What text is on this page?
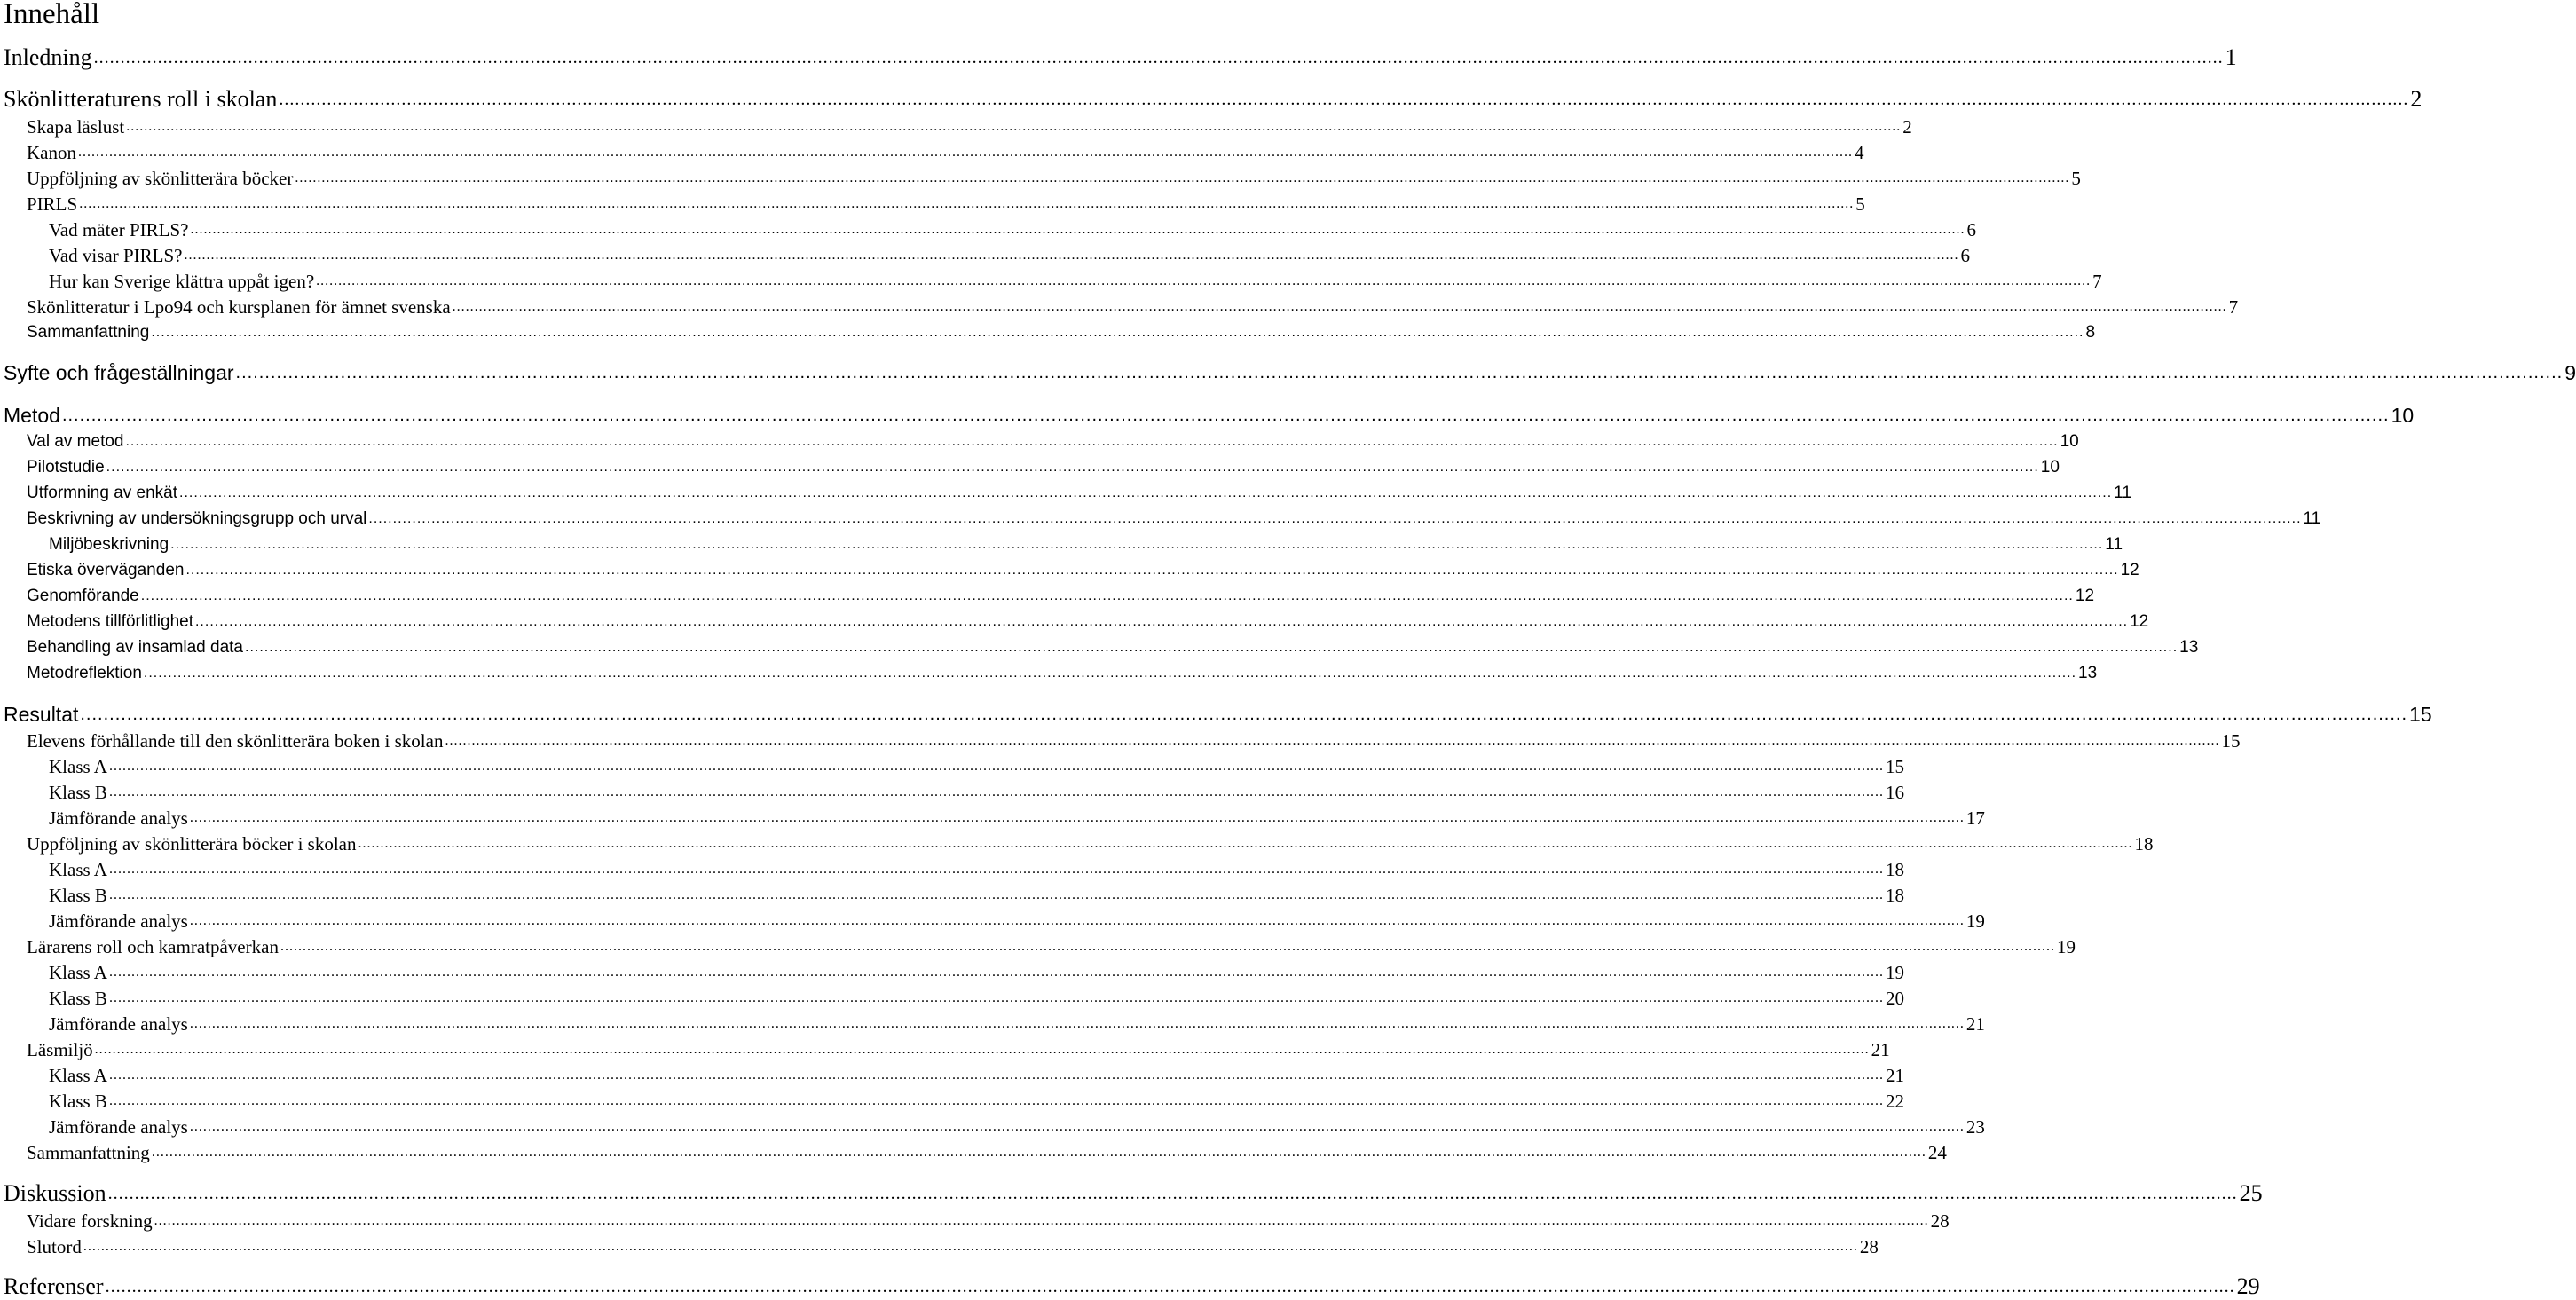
Innehåll
Inledning ................................................................................................................................................................................................................................................................................................................................................................................................................ 1
Skönlitteraturens roll i skolan ................................................................................................................................................................................................................................................................................................................................................................................................................ 2
Skapa läslust ................................................................................................................................................................................................................................................................................................................................................................................................................ 2
Kanon ................................................................................................................................................................................................................................................................................................................................................................................................................ 4
Uppföljning av skönlitterära böcker ................................................................................................................................................................................................................................................................................................................................................................................................................ 5
PIRLS ................................................................................................................................................................................................................................................................................................................................................................................................................ 5
Vad mäter PIRLS? ................................................................................................................................................................................................................................................................................................................................................................................................................ 6
Vad visar PIRLS? ................................................................................................................................................................................................................................................................................................................................................................................................................ 6
Hur kan Sverige klättra uppåt igen? ................................................................................................................................................................................................................................................................................................................................................................................................................ 7
Skönlitteratur i Lpo94 och kursplanen för ämnet svenska ................................................................................................................................................................................................................................................................................................................................................................................................................ 7
Sammanfattning ................................................................................................................................................................................................................................................................................................................................................................................................................ 8
Syfte och frågeställningar ................................................................................................................................................................................................................................................................................................................................................................................................................ 9
Metod ................................................................................................................................................................................................................................................................................................................................................................................................................ 10
Val av metod ................................................................................................................................................................................................................................................................................................................................................................................................................ 10
Pilotstudie ................................................................................................................................................................................................................................................................................................................................................................................................................ 10
Utformning av enkät ................................................................................................................................................................................................................................................................................................................................................................................................................ 11
Beskrivning av undersökningsgrupp och urval ................................................................................................................................................................................................................................................................................................................................................................................................................ 11
Miljöbeskrivning ................................................................................................................................................................................................................................................................................................................................................................................................................ 11
Etiska överväganden ................................................................................................................................................................................................................................................................................................................................................................................................................ 12
Genomförande ................................................................................................................................................................................................................................................................................................................................................................................................................ 12
Metodens tillförlitlighet ................................................................................................................................................................................................................................................................................................................................................................................................................ 12
Behandling av insamlad data ................................................................................................................................................................................................................................................................................................................................................................................................................ 13
Metodreflektion ................................................................................................................................................................................................................................................................................................................................................................................................................ 13
Resultat ................................................................................................................................................................................................................................................................................................................................................................................................................ 15
Elevens förhållande till den skönlitterära boken i skolan ................................................................................................................................................................................................................................................................................................................................................................................................................ 15
Klass A ................................................................................................................................................................................................................................................................................................................................................................................................................ 15
Klass B ................................................................................................................................................................................................................................................................................................................................................................................................................ 16
Jämförande analys ................................................................................................................................................................................................................................................................................................................................................................................................................ 17
Uppföljning av skönlitterära böcker i skolan ................................................................................................................................................................................................................................................................................................................................................................................................................ 18
Klass A ................................................................................................................................................................................................................................................................................................................................................................................................................ 18
Klass B ................................................................................................................................................................................................................................................................................................................................................................................................................ 18
Jämförande analys ................................................................................................................................................................................................................................................................................................................................................................................................................ 19
Lärarens roll och kamratpåverkan ................................................................................................................................................................................................................................................................................................................................................................................................................ 19
Klass A ................................................................................................................................................................................................................................................................................................................................................................................................................ 19
Klass B ................................................................................................................................................................................................................................................................................................................................................................................................................ 20
Jämförande analys ................................................................................................................................................................................................................................................................................................................................................................................................................ 21
Läsmiljö ................................................................................................................................................................................................................................................................................................................................................................................................................ 21
Klass A ................................................................................................................................................................................................................................................................................................................................................................................................................ 21
Klass B ................................................................................................................................................................................................................................................................................................................................................................................................................ 22
Jämförande analys ................................................................................................................................................................................................................................................................................................................................................................................................................ 23
Sammanfattning ................................................................................................................................................................................................................................................................................................................................................................................................................ 24
Diskussion ................................................................................................................................................................................................................................................................................................................................................................................................................ 25
Vidare forskning ................................................................................................................................................................................................................................................................................................................................................................................................................ 28
Slutord ................................................................................................................................................................................................................................................................................................................................................................................................................ 28
Referenser ................................................................................................................................................................................................................................................................................................................................................................................................................ 29
